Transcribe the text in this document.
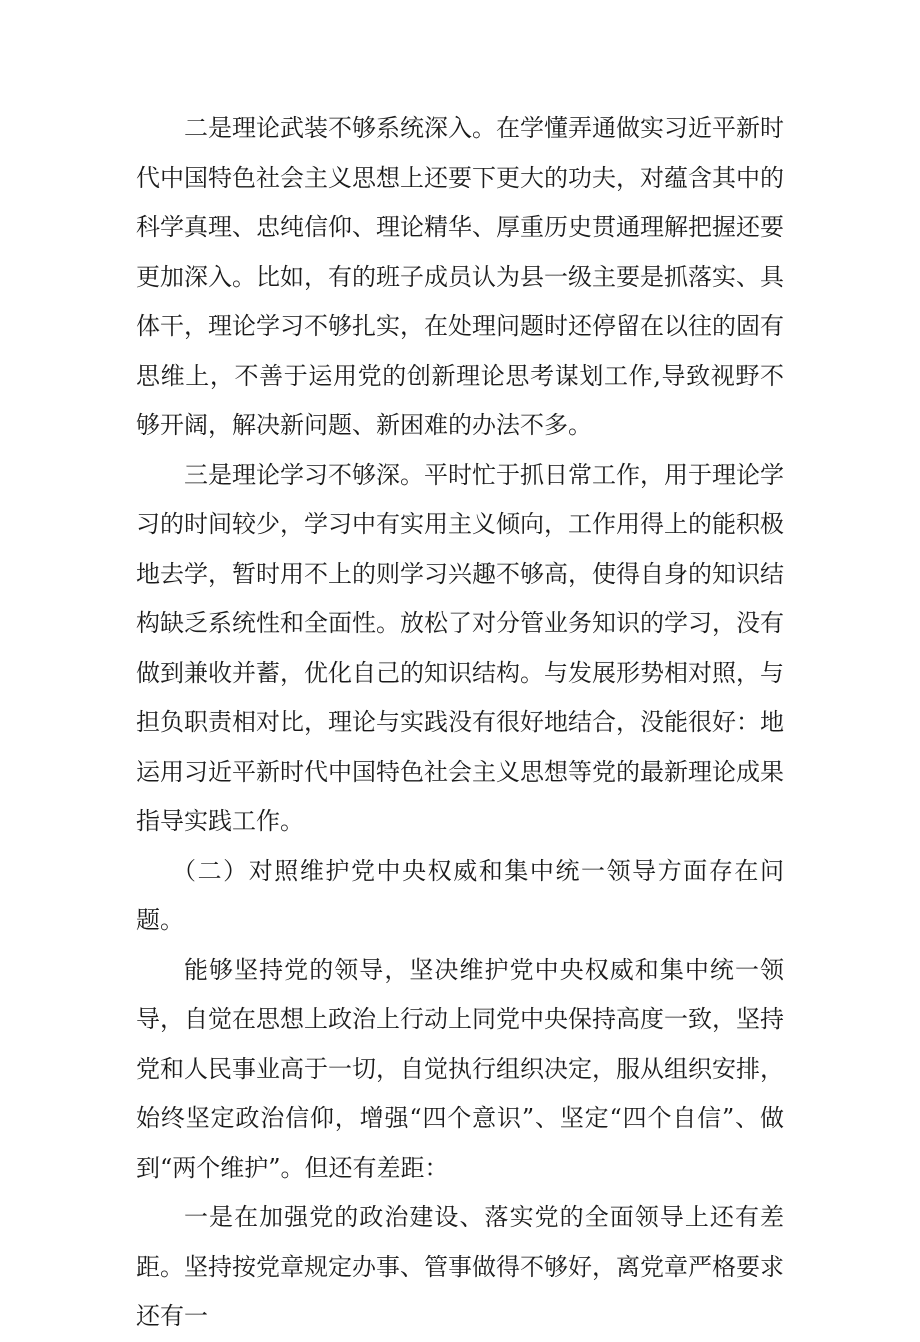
二是理论武装不够系统深入。在学懂弄通做实习近平新时代中国特色社会主义思想上还要下更大的功夫，对蕴含其中的科学真理、忠纯信仰、理论精华、厚重历史贯通理解把握还要更加深入。比如，有的班子成员认为县一级主要是抓落实、具体干，理论学习不够扎实，在处理问题时还停留在以往的固有思维上，不善于运用党的创新理论思考谋划工作,导致视野不够开阔，解决新问题、新困难的办法不多。

三是理论学习不够深。平时忙于抓日常工作，用于理论学习的时间较少，学习中有实用主义倾向，工作用得上的能积极地去学，暂时用不上的则学习兴趣不够高，使得自身的知识结构缺乏系统性和全面性。放松了对分管业务知识的学习，没有做到兼收并蓄，优化自己的知识结构。与发展形势相对照，与担负职责相对比，理论与实践没有很好地结合，没能很好：地运用习近平新时代中国特色社会主义思想等党的最新理论成果指导实践工作。

（二）对照维护党中央权威和集中统一领导方面存在问题。

能够坚持党的领导，坚决维护党中央权威和集中统一领导，自觉在思想上政治上行动上同党中央保持高度一致，坚持党和人民事业高于一切，自觉执行组织决定，服从组织安排，始终坚定政治信仰，增强“四个意识”、坚定“四个自信”、做到“两个维护”。但还有差距：

一是在加强党的政治建设、落实党的全面领导上还有差距。坚持按党章规定办事、管事做得不够好，离党章严格要求还有一
